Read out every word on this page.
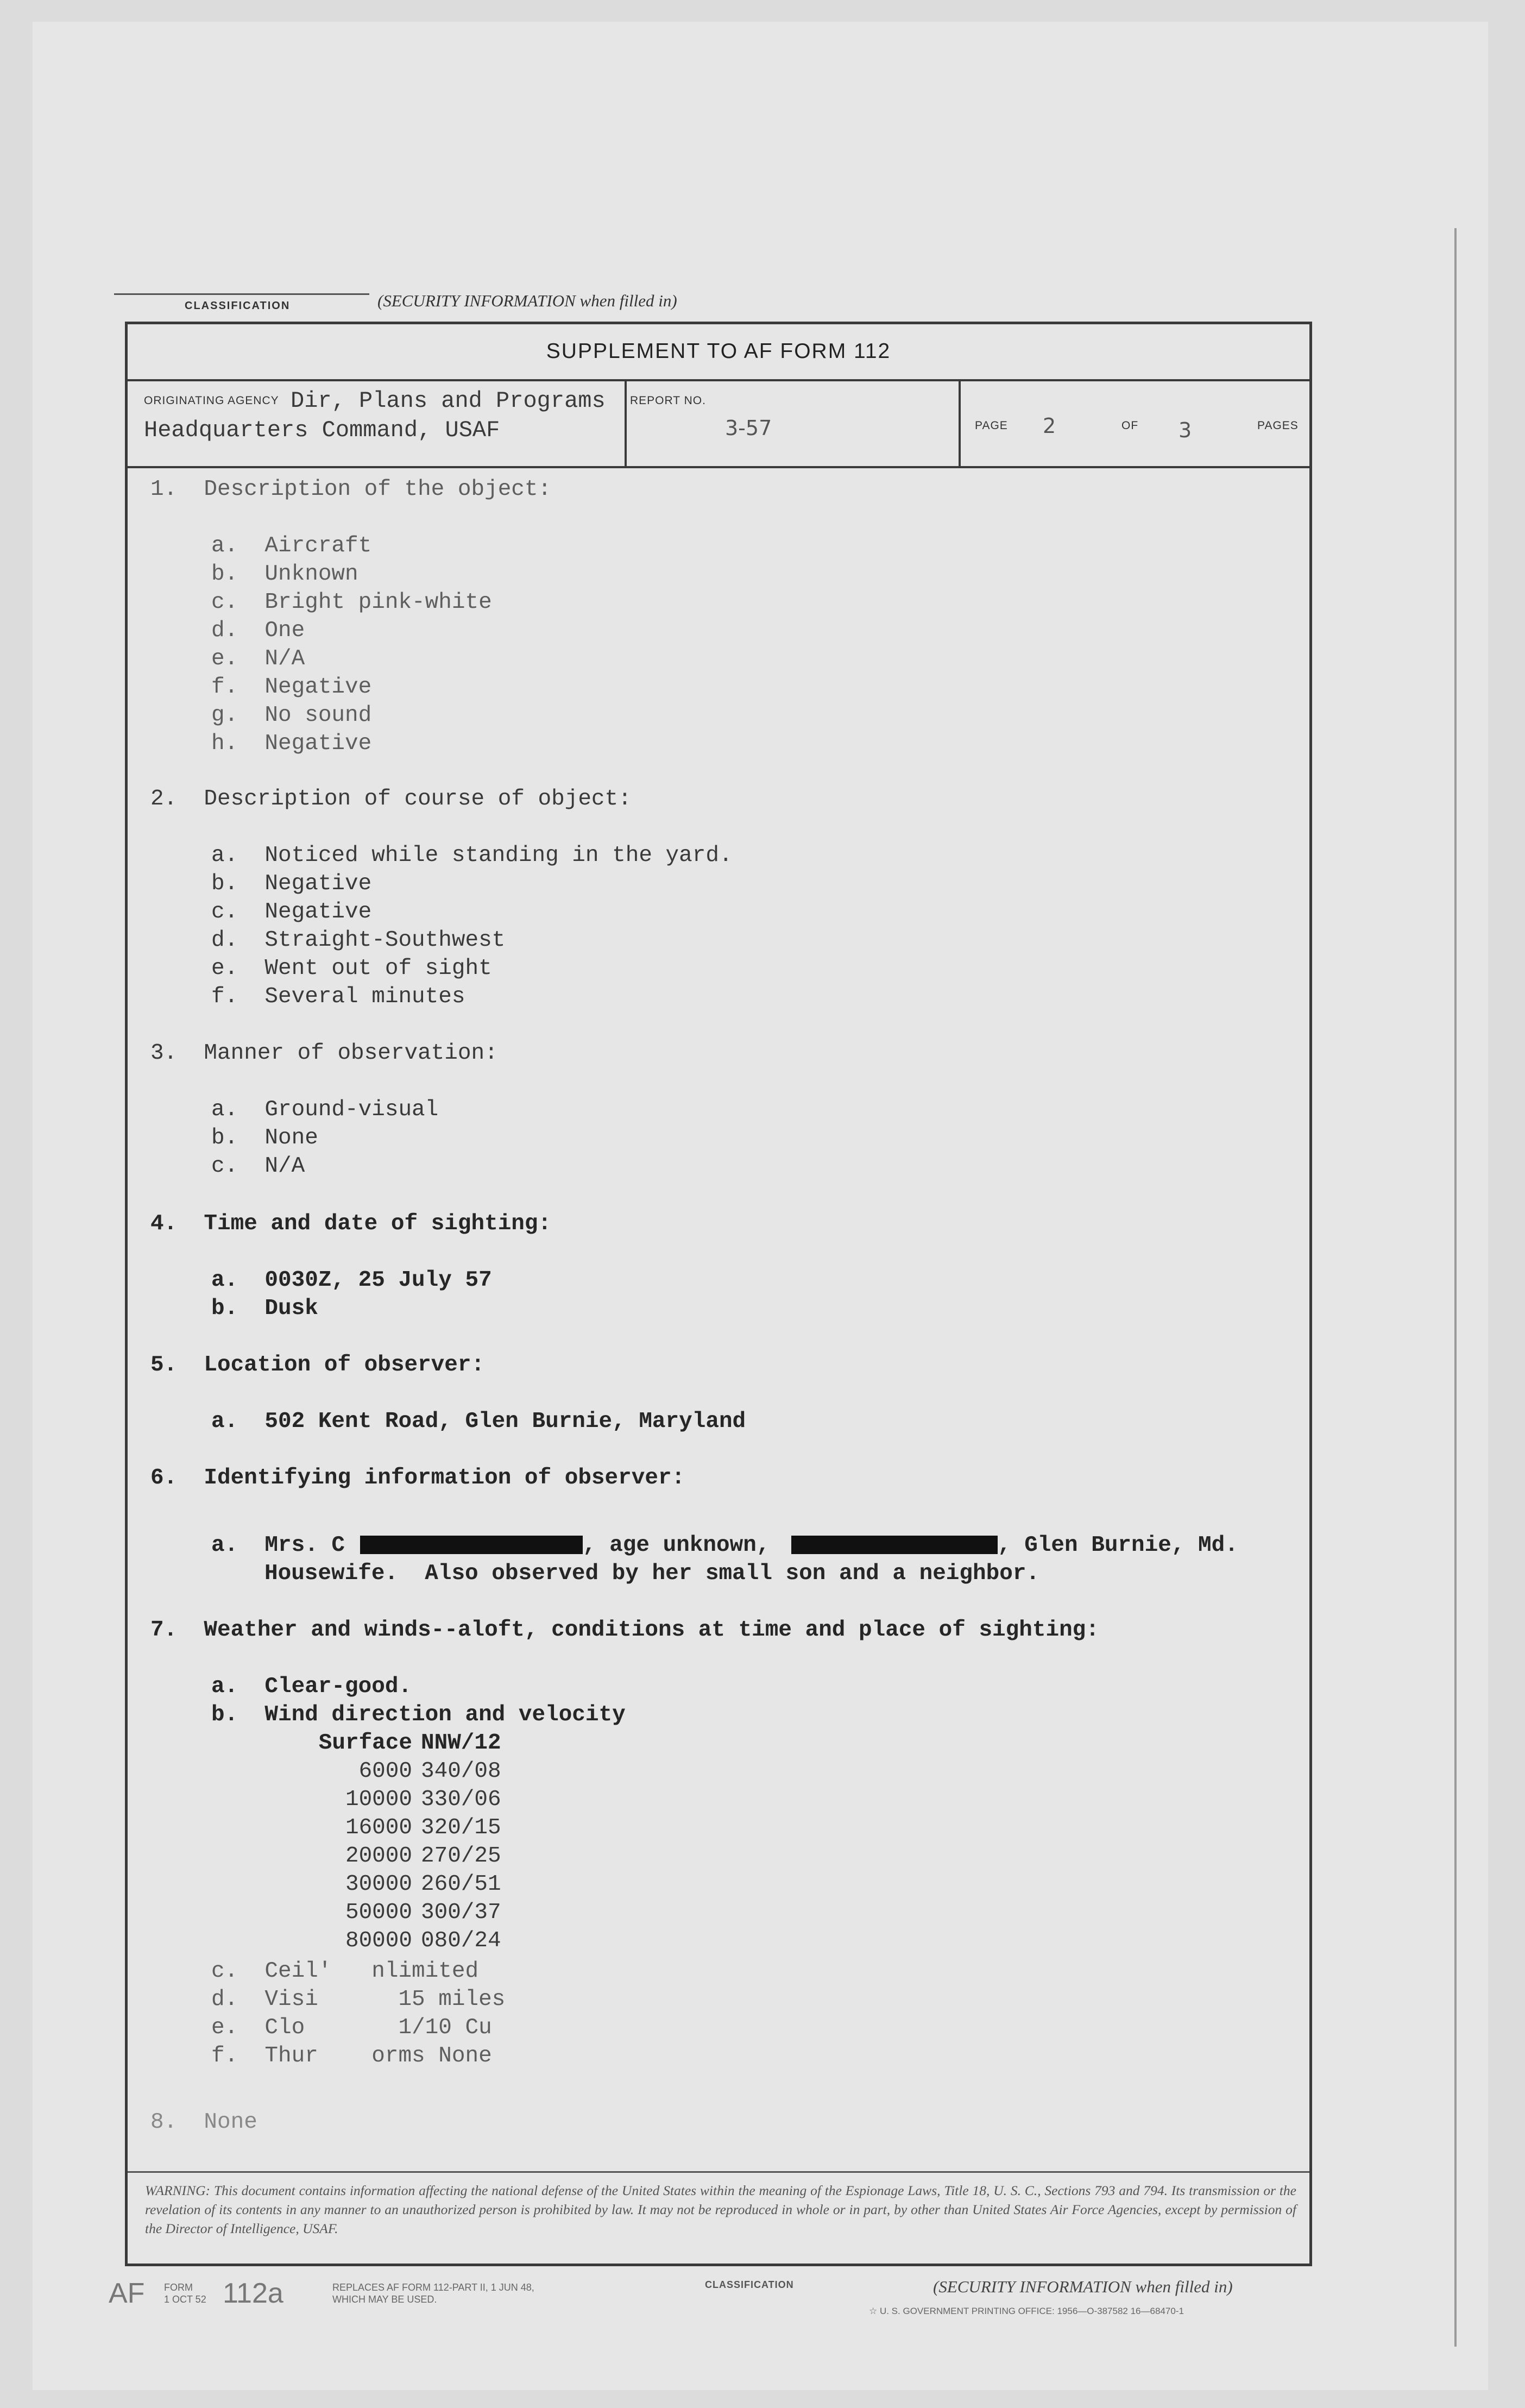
CLASSIFICATION	(SECURITY INFORMATION when filled in)
SUPPLEMENT TO AF FORM 112
ORIGINATING AGENCY Dir, Plans and Programs
Headquarters Command, USAF
REPORT NO.
3-57	PAGE 2	OF 3	PAGES
1.  Description of the object:
a.  Aircraft
b.  Unknown
c.  Bright pink-white
d.  One
e.  N/A
f.  Negative
g.  No sound
h.  Negative
2.  Description of course of object:
a.  Noticed while standing in the yard.
b.  Negative
c.  Negative
d.  Straight-Southwest
e.  Went out of sight
f.  Several minutes
3.  Manner of observation:
a.  Ground-visual
b.  None
c.  N/A
4.  Time and date of sighting:
a.  0030Z, 25 July 57
b.  Dusk
5.  Location of observer:
a.  502 Kent Road, Glen Burnie, Maryland
6.  Identifying information of observer:
a.  Mrs. C	, age unknown,	, Glen Burnie, Md.
Housewife.  Also observed by her small son and a neighbor.
7.  Weather and winds--aloft, conditions at time and place of sighting:
a.  Clear-good.
b.  Wind direction and velocity
Surface NNW/12
6000 340/08
10000 330/06
16000 320/15
20000 270/25
30000 260/51
50000 300/37
80000 080/24
c.  Ceil'   nlimited
d.  Visi      15 miles
e.  Clo       1/10 Cu
f.  Thur    orms None
8.  None
WARNING: This document contains information affecting the national defense of the United States within the meaning of the Espionage Laws, Title 18, U. S. C., Sections 793 and 794. Its transmission or the revelation of its contents in any manner to an unauthorized person is prohibited by law. It may not be reproduced in whole or in part, by other than United States Air Force Agencies, except by permission of the Director of Intelligence, USAF.
AF FORM
1 OCT 52 112a	REPLACES AF FORM 112-PART II, 1 JUN 48,
WHICH MAY BE USED.
CLASSIFICATION	(SECURITY INFORMATION when filled in)
☆ U. S. GOVERNMENT PRINTING OFFICE: 1956—O-387582 16—68470-1
